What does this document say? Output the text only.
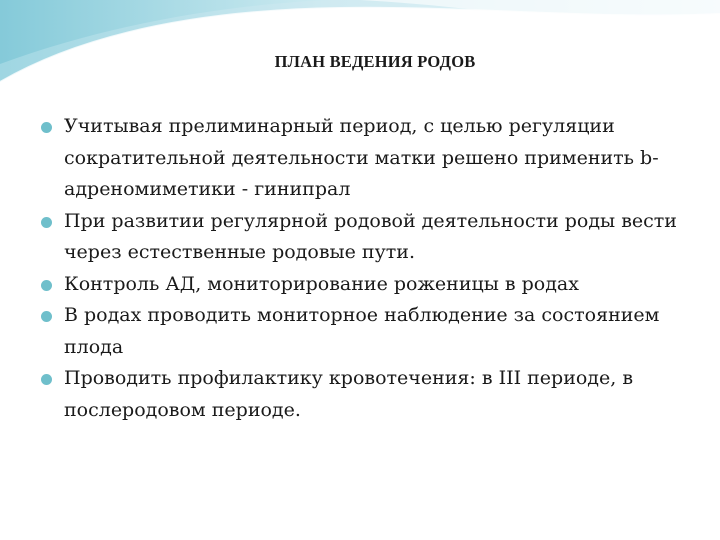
ПЛАН ВЕДЕНИЯ РОДОВ
Учитывая прелиминарный период, с целью регуляции сократительной деятельности матки решено применить b-адреномиметики - гинипрал
При развитии регулярной родовой деятельности роды вести через естественные родовые пути.
Контроль АД, мониторирование роженицы в родах
В родах проводить мониторное наблюдение за состоянием плода
Проводить профилактику кровотечения: в III периоде, в послеродовом периоде.
